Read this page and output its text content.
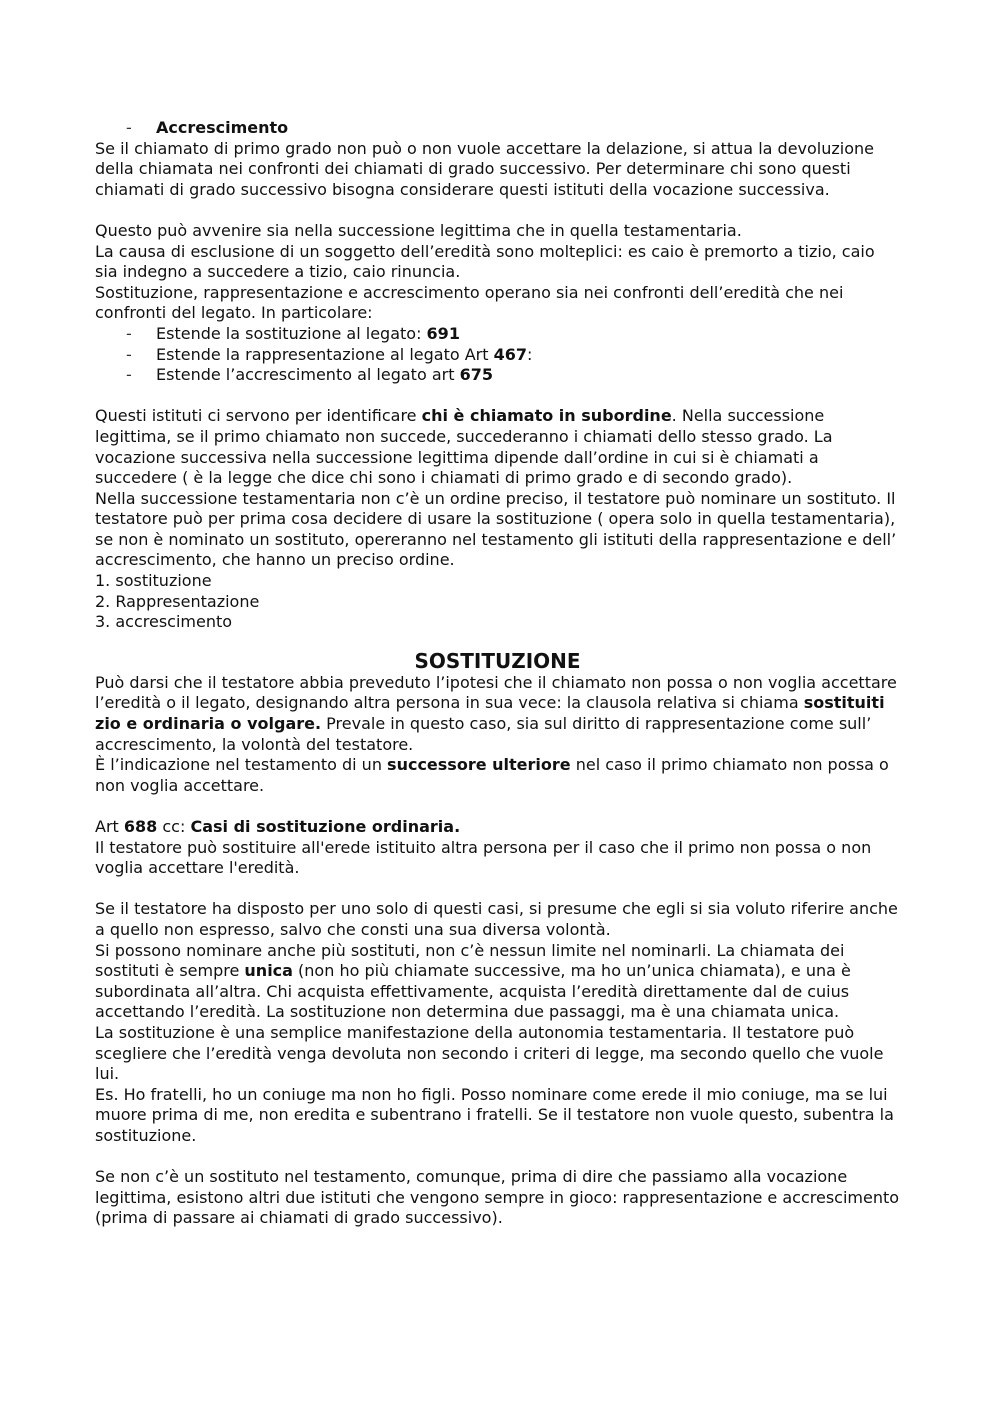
- Accrescimento

Se il chiamato di primo grado non può o non vuole accettare la delazione, si attua la devoluzione della chiamata nei confronti dei chiamati di grado successivo. Per determinare chi sono questi chiamati di grado successivo bisogna considerare questi istituti della vocazione successiva.

Questo può avvenire sia nella successione legittima che in quella testamentaria.

La causa di esclusione di un soggetto dell’eredità sono molteplici: es caio è premorto a tizio, caio sia indegno a succedere a tizio, caio rinuncia.

Sostituzione, rappresentazione e accrescimento operano sia nei confronti dell’eredità che nei confronti del legato. In particolare:

- Estende la sostituzione al legato: 691
- Estende la rappresentazione al legato Art 467:
- Estende l’accrescimento al legato art 675

Questi istituti ci servono per identificare chi è chiamato in subordine. Nella successione legittima, se il primo chiamato non succede, succederanno i chiamati dello stesso grado. La vocazione successiva nella successione legittima dipende dall’ordine in cui si è chiamati a succedere ( è la legge che dice chi sono i chiamati di primo grado e di secondo grado).

Nella successione testamentaria non c’è un ordine preciso, il testatore può nominare un sostituto. Il testatore può per prima cosa decidere di usare la sostituzione ( opera solo in quella testamentaria), se non è nominato un sostituto, opereranno nel testamento gli istituti della rappresentazione e dell’ accrescimento, che hanno un preciso ordine.

1. sostituzione

2. Rappresentazione

3. accrescimento

SOSTITUZIONE

Può darsi che il testatore abbia preveduto l’ipotesi che il chiamato non possa o non voglia accettare l’eredità o il legato, designando altra persona in sua vece: la clausola relativa si chiama sostituiti zio e ordinaria o volgare. Prevale in questo caso, sia sul diritto di rappresentazione come sull’ accrescimento, la volontà del testatore.

È l’indicazione nel testamento di un successore ulteriore nel caso il primo chiamato non possa o non voglia accettare.

Art 688 cc: Casi di sostituzione ordinaria.

Il testatore può sostituire all'erede istituito altra persona per il caso che il primo non possa o non voglia accettare l'eredità.

Se il testatore ha disposto per uno solo di questi casi, si presume che egli si sia voluto riferire anche a quello non espresso, salvo che consti una sua diversa volontà.

Si possono nominare anche più sostituti, non c’è nessun limite nel nominarli. La chiamata dei sostituti è sempre unica (non ho più chiamate successive, ma ho un’unica chiamata), e una è subordinata all’altra. Chi acquista effettivamente, acquista l’eredità direttamente dal de cuius accettando l’eredità. La sostituzione non determina due passaggi, ma è una chiamata unica.

La sostituzione è una semplice manifestazione della autonomia testamentaria. Il testatore può scegliere che l’eredità venga devoluta non secondo i criteri di legge, ma secondo quello che vuole lui.

Es. Ho fratelli, ho un coniuge ma non ho figli. Posso nominare come erede il mio coniuge, ma se lui muore prima di me, non eredita e subentrano i fratelli. Se il testatore non vuole questo, subentra la sostituzione.

Se non c’è un sostituto nel testamento, comunque, prima di dire che passiamo alla vocazione legittima, esistono altri due istituti che vengono sempre in gioco: rappresentazione e accrescimento (prima di passare ai chiamati di grado successivo).
